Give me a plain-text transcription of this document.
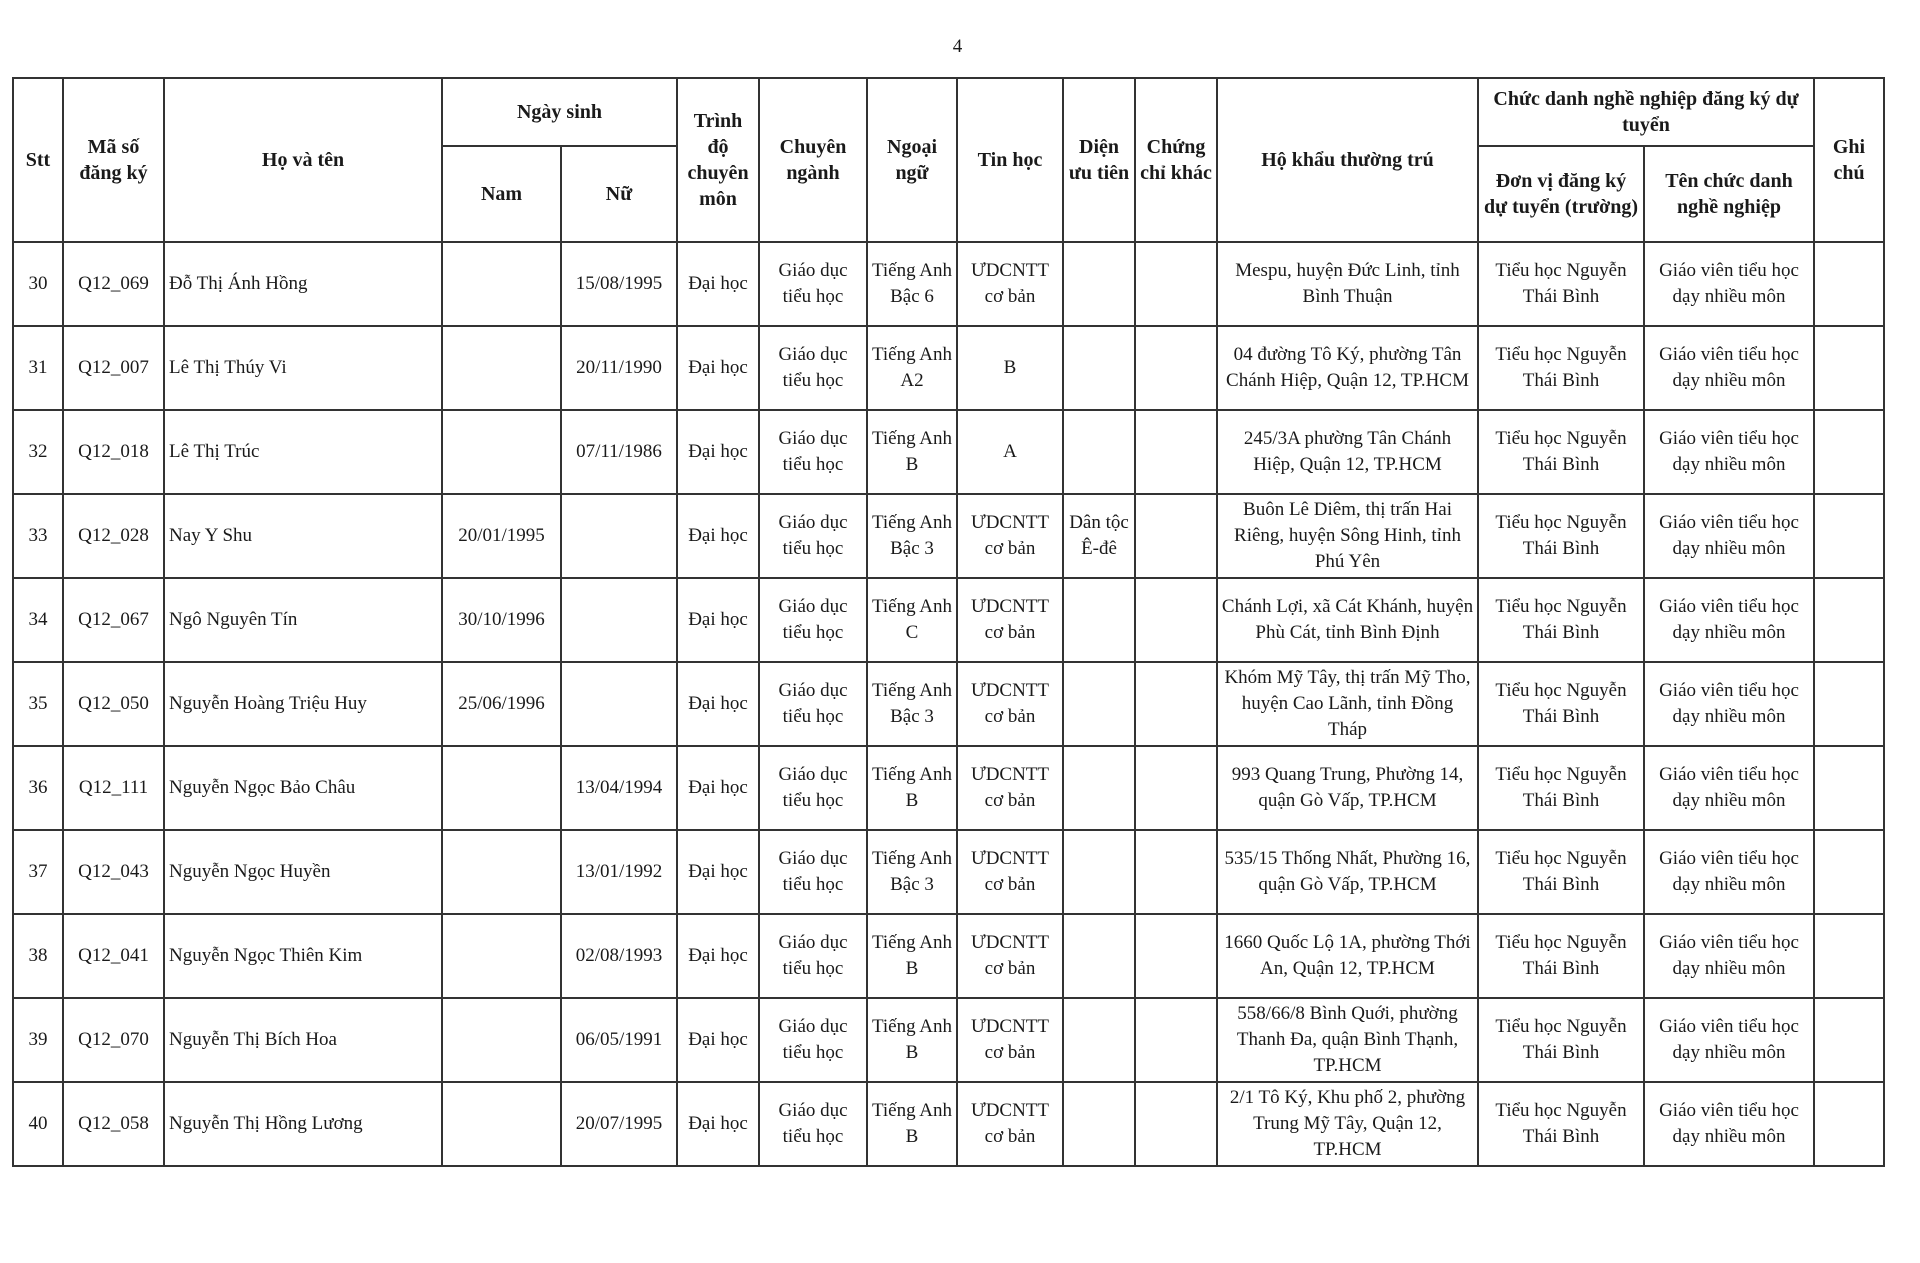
4
Stt	Mã số đăng ký	Họ và tên	Ngày sinh		Trình độ chuyên môn	Chuyên ngành	Ngoại ngữ	Tin học	Diện ưu tiên	Chứng chỉ khác	Hộ khẩu thường trú	Chức danh nghề nghiệp đăng ký dự tuyển		Ghi chú
			Nam	Nữ								Đơn vị đăng ký dự tuyển (trường)	Tên chức danh nghề nghiệp	
30	Q12_069	Đỗ Thị Ánh Hồng		15/08/1995	Đại học	Giáo dục tiểu học	Tiếng Anh Bậc 6	ƯDCNTT cơ bản			Mespu, huyện Đức Linh, tỉnh Bình Thuận	Tiểu học Nguyễn Thái Bình	Giáo viên tiểu học dạy nhiều môn	
31	Q12_007	Lê Thị Thúy Vi		20/11/1990	Đại học	Giáo dục tiểu học	Tiếng Anh A2	B			04 đường Tô Ký, phường Tân Chánh Hiệp, Quận 12, TP.HCM	Tiểu học Nguyễn Thái Bình	Giáo viên tiểu học dạy nhiều môn	
32	Q12_018	Lê Thị Trúc		07/11/1986	Đại học	Giáo dục tiểu học	Tiếng Anh B	A			245/3A phường Tân Chánh Hiệp, Quận 12, TP.HCM	Tiểu học Nguyễn Thái Bình	Giáo viên tiểu học dạy nhiều môn	
33	Q12_028	Nay Y Shu	20/01/1995		Đại học	Giáo dục tiểu học	Tiếng Anh Bậc 3	ƯDCNTT cơ bản	Dân tộc Ê-đê		Buôn Lê Diêm, thị trấn Hai Riêng, huyện Sông Hinh, tỉnh Phú Yên	Tiểu học Nguyễn Thái Bình	Giáo viên tiểu học dạy nhiều môn	
34	Q12_067	Ngô Nguyên Tín	30/10/1996		Đại học	Giáo dục tiểu học	Tiếng Anh C	ƯDCNTT cơ bản			Chánh Lợi, xã Cát Khánh, huyện Phù Cát, tỉnh Bình Định	Tiểu học Nguyễn Thái Bình	Giáo viên tiểu học dạy nhiều môn	
35	Q12_050	Nguyễn Hoàng Triệu Huy	25/06/1996		Đại học	Giáo dục tiểu học	Tiếng Anh Bậc 3	ƯDCNTT cơ bản			Khóm Mỹ Tây, thị trấn Mỹ Tho, huyện Cao Lãnh, tỉnh Đồng Tháp	Tiểu học Nguyễn Thái Bình	Giáo viên tiểu học dạy nhiều môn	
36	Q12_111	Nguyễn Ngọc Bảo Châu		13/04/1994	Đại học	Giáo dục tiểu học	Tiếng Anh B	ƯDCNTT cơ bản			993 Quang Trung, Phường 14, quận Gò Vấp, TP.HCM	Tiểu học Nguyễn Thái Bình	Giáo viên tiểu học dạy nhiều môn	
37	Q12_043	Nguyễn Ngọc Huyền		13/01/1992	Đại học	Giáo dục tiểu học	Tiếng Anh Bậc 3	ƯDCNTT cơ bản			535/15 Thống Nhất, Phường 16, quận Gò Vấp, TP.HCM	Tiểu học Nguyễn Thái Bình	Giáo viên tiểu học dạy nhiều môn	
38	Q12_041	Nguyễn Ngọc Thiên Kim		02/08/1993	Đại học	Giáo dục tiểu học	Tiếng Anh B	ƯDCNTT cơ bản			1660 Quốc Lộ 1A, phường Thới An, Quận 12, TP.HCM	Tiểu học Nguyễn Thái Bình	Giáo viên tiểu học dạy nhiều môn	
39	Q12_070	Nguyễn Thị Bích Hoa		06/05/1991	Đại học	Giáo dục tiểu học	Tiếng Anh B	ƯDCNTT cơ bản			558/66/8 Bình Quới, phường Thanh Đa, quận Bình Thạnh, TP.HCM	Tiểu học Nguyễn Thái Bình	Giáo viên tiểu học dạy nhiều môn	
40	Q12_058	Nguyễn Thị Hồng Lương		20/07/1995	Đại học	Giáo dục tiểu học	Tiếng Anh B	ƯDCNTT cơ bản			2/1 Tô Ký, Khu phố 2, phường Trung Mỹ Tây, Quận 12, TP.HCM	Tiểu học Nguyễn Thái Bình	Giáo viên tiểu học dạy nhiều môn	
